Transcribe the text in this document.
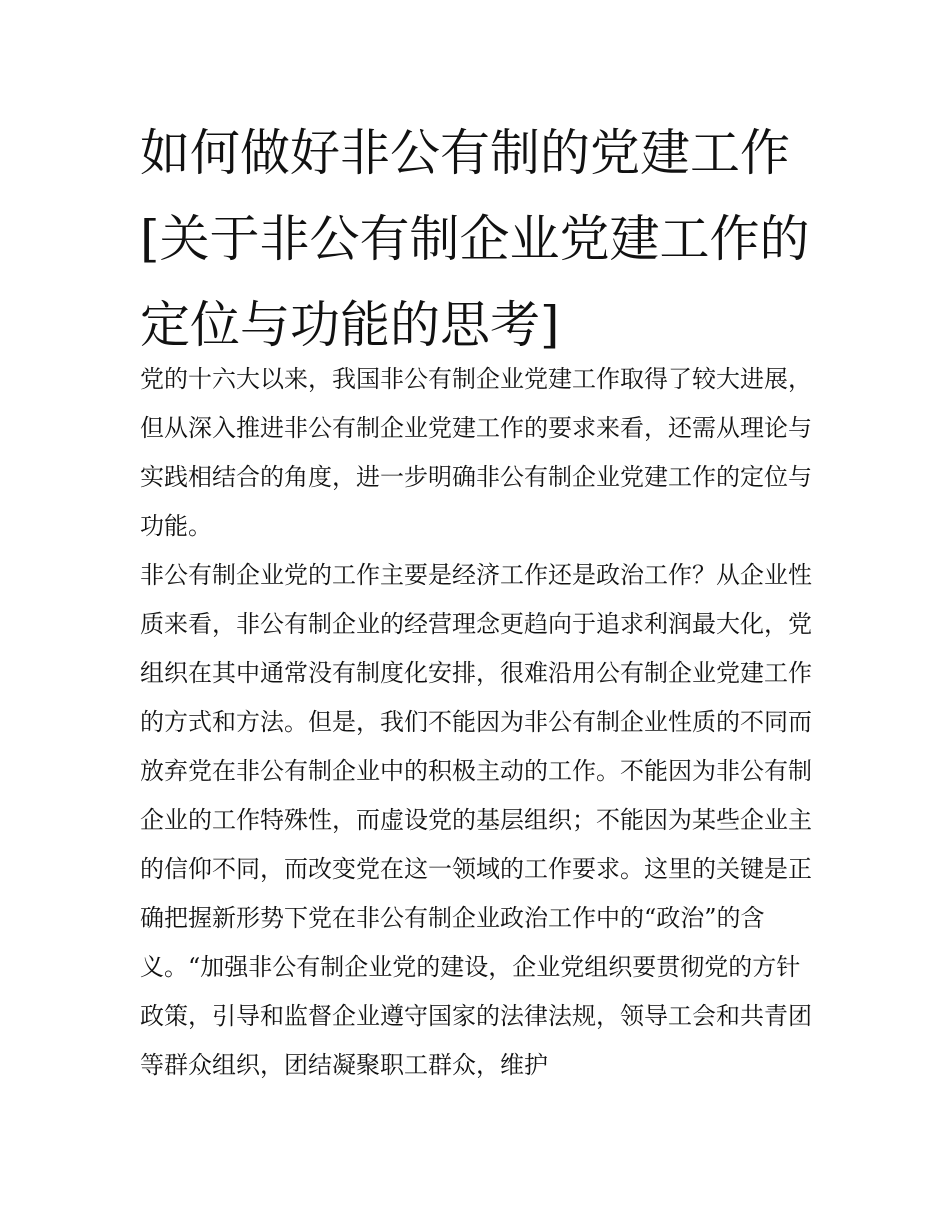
如何做好非公有制的党建工作[关于非公有制企业党建工作的定位与功能的思考]

党的十六大以来，我国非公有制企业党建工作取得了较大进展，但从深入推进非公有制企业党建工作的要求来看，还需从理论与实践相结合的角度，进一步明确非公有制企业党建工作的定位与功能。

非公有制企业党的工作主要是经济工作还是政治工作？从企业性质来看，非公有制企业的经营理念更趋向于追求利润最大化，党组织在其中通常没有制度化安排，很难沿用公有制企业党建工作的方式和方法。但是，我们不能因为非公有制企业性质的不同而放弃党在非公有制企业中的积极主动的工作。不能因为非公有制企业的工作特殊性，而虚设党的基层组织；不能因为某些企业主的信仰不同，而改变党在这一领域的工作要求。这里的关键是正确把握新形势下党在非公有制企业政治工作中的“政治”的含义。“加强非公有制企业党的建设，企业党组织要贯彻党的方针政策，引导和监督企业遵守国家的法律法规，领导工会和共青团等群众组织，团结凝聚职工群众，维护
